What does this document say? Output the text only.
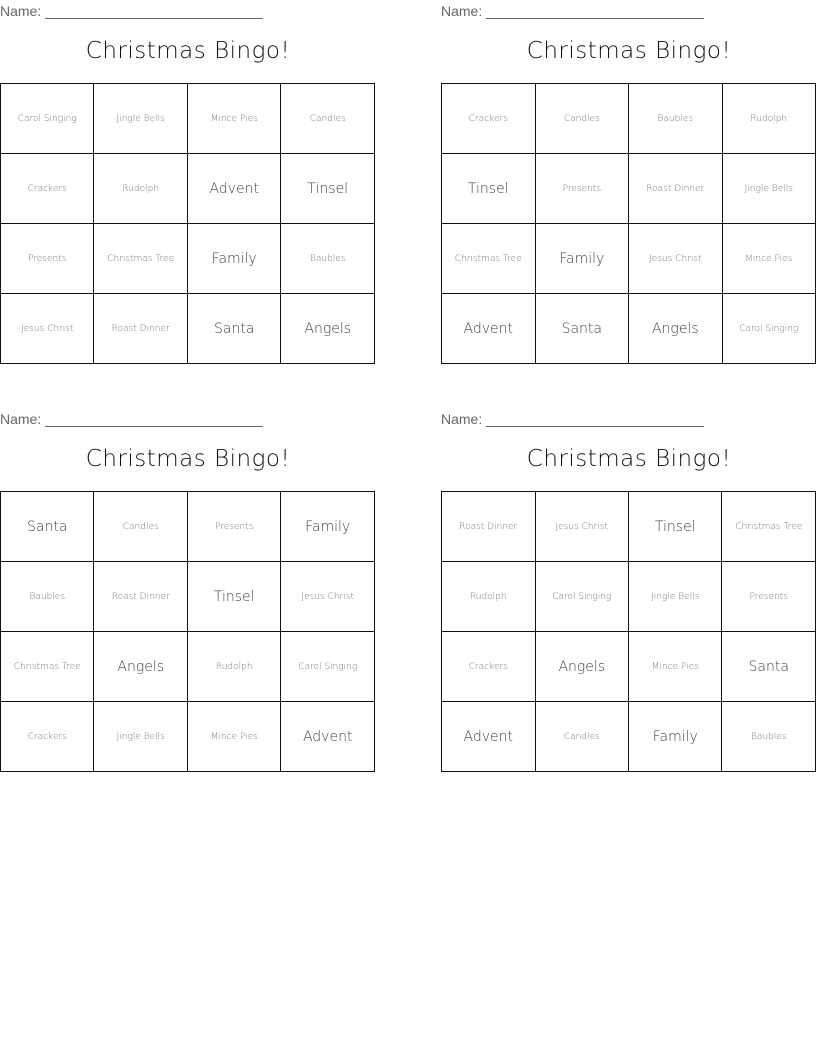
Name:
Christmas Bingo!
Carol Singing	Jingle Bells	Mince Pies	Candles
Crackers	Rudolph	Advent	Tinsel
Presents	Christmas Tree	Family	Baubles
Jesus Christ	Roast Dinner	Santa	Angels
Name:
Christmas Bingo!
Crackers	Candles	Baubles	Rudolph
Tinsel	Presents	Roast Dinner	Jingle Bells
Christmas Tree	Family	Jesus Christ	Mince Pies
Advent	Santa	Angels	Carol Singing
Name:
Christmas Bingo!
Santa	Candles	Presents	Family
Baubles	Roast Dinner	Tinsel	Jesus Christ
Christmas Tree	Angels	Rudolph	Carol Singing
Crackers	Jingle Bells	Mince Pies	Advent
Name:
Christmas Bingo!
Roast Dinner	Jesus Christ	Tinsel	Christmas Tree
Rudolph	Carol Singing	Jingle Bells	Presents
Crackers	Angels	Mince Pies	Santa
Advent	Candles	Family	Baubles
